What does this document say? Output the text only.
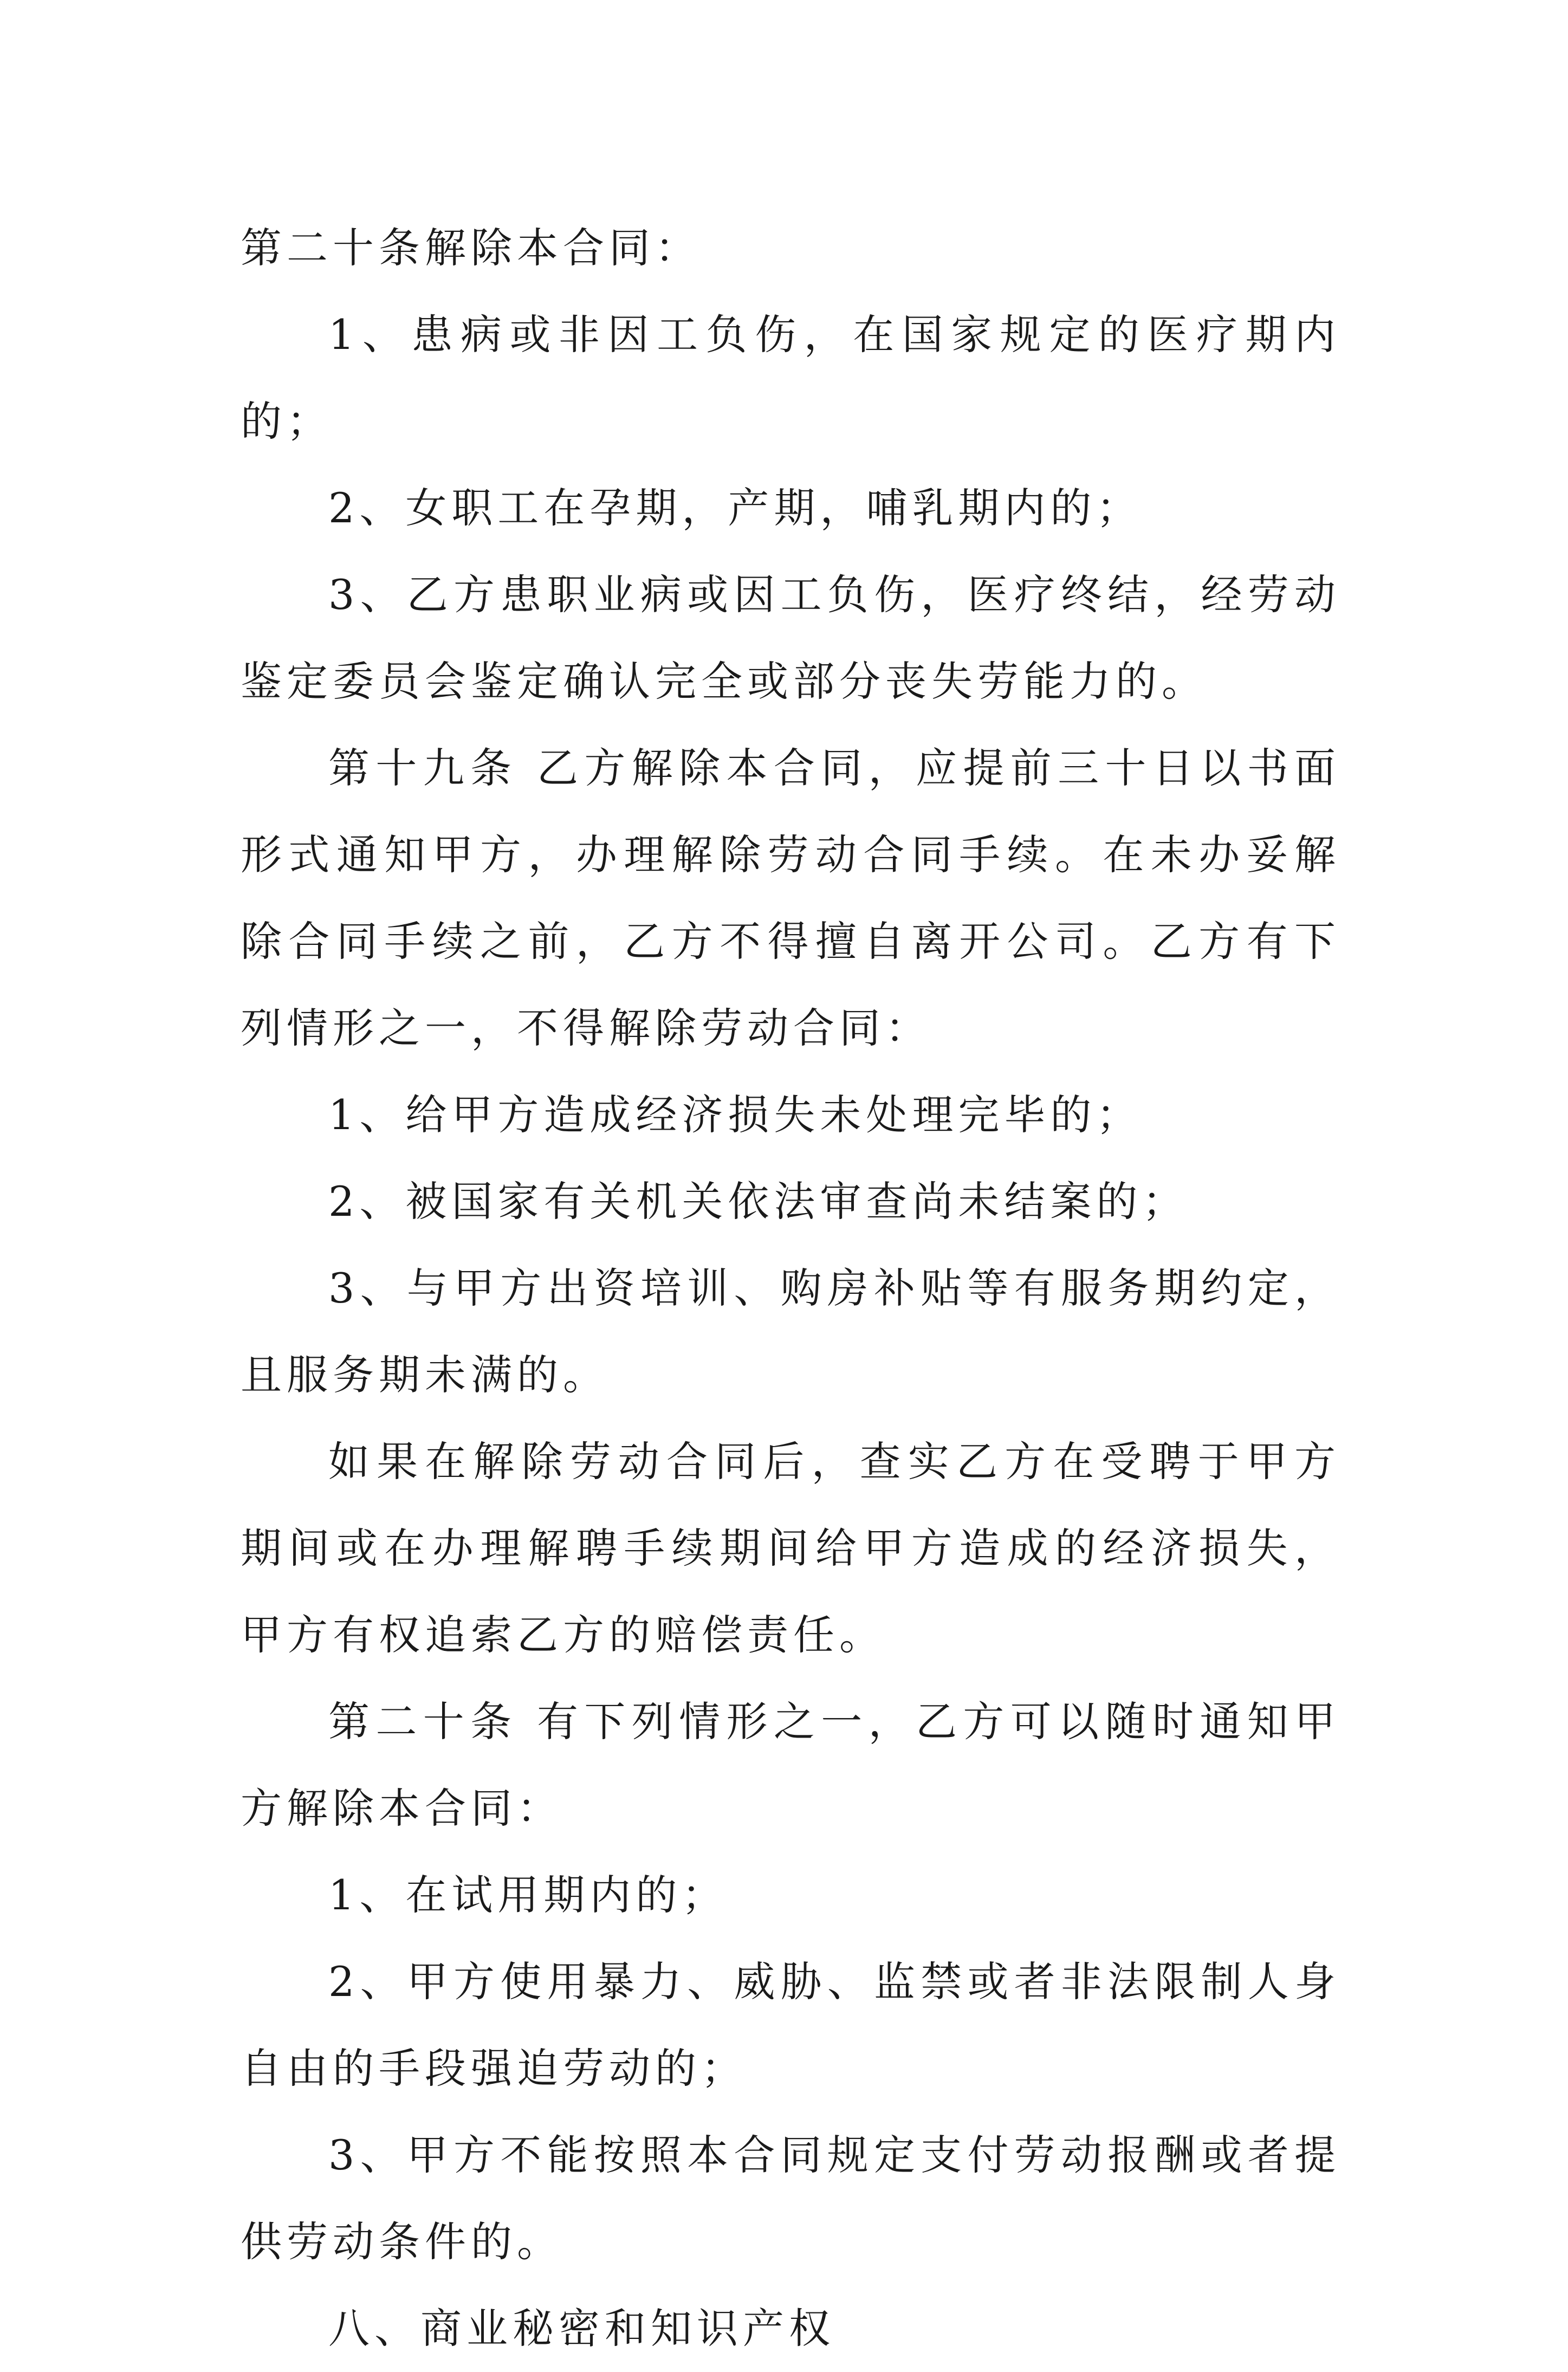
第二十条解除本合同：

1、患病或非因工负伤，在国家规定的医疗期内的；

2、女职工在孕期，产期，哺乳期内的；

3、乙方患职业病或因工负伤，医疗终结，经劳动鉴定委员会鉴定确认完全或部分丧失劳能力的。

第十九条 乙方解除本合同，应提前三十日以书面形式通知甲方，办理解除劳动合同手续。在未办妥解除合同手续之前，乙方不得擅自离开公司。乙方有下列情形之一，不得解除劳动合同：

1、给甲方造成经济损失未处理完毕的；

2、被国家有关机关依法审查尚未结案的；

3、与甲方出资培训、购房补贴等有服务期约定，且服务期未满的。

如果在解除劳动合同后，查实乙方在受聘于甲方期间或在办理解聘手续期间给甲方造成的经济损失，甲方有权追索乙方的赔偿责任。

第二十条 有下列情形之一，乙方可以随时通知甲方解除本合同：

1、在试用期内的；

2、甲方使用暴力、威胁、监禁或者非法限制人身自由的手段强迫劳动的；

3、甲方不能按照本合同规定支付劳动报酬或者提供劳动条件的。

八、商业秘密和知识产权
